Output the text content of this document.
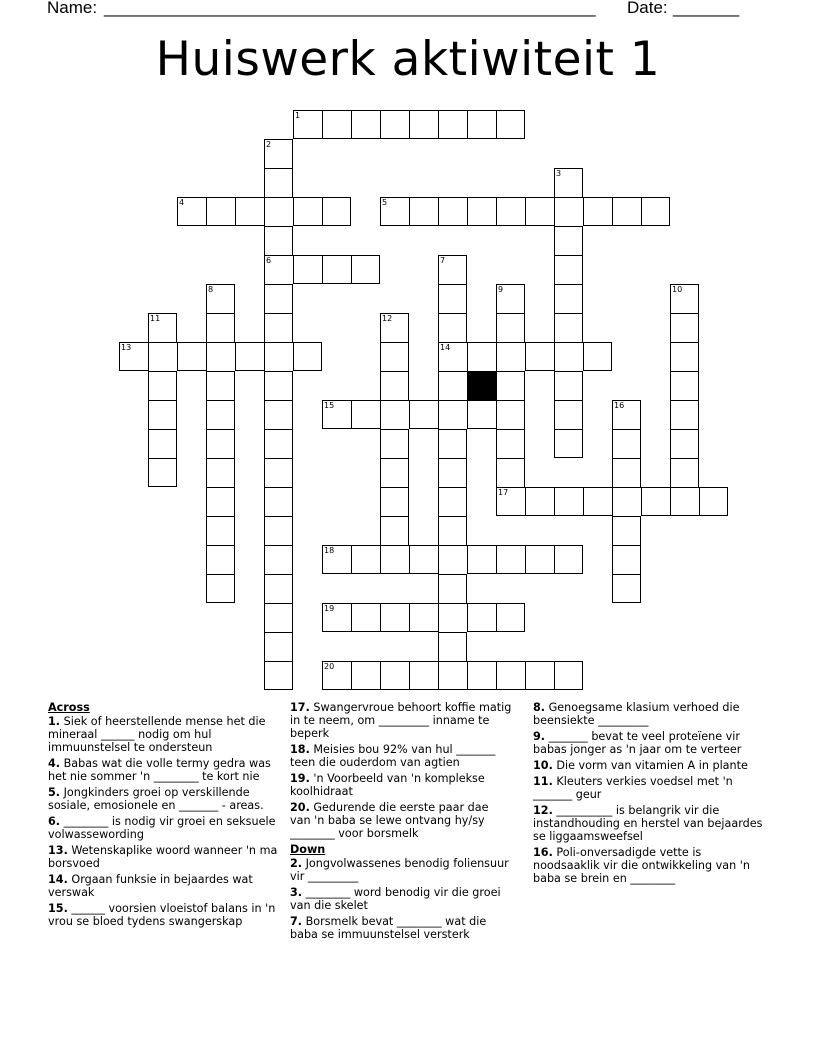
Name: ____________________________________________________ Date: _______
Huiswerk aktiwiteit 1
1
2
3
4	5
6	7
8	9	10
11	12
13	14
15	16
17
18
19
20
Across
1. Siek of heerstellende mense het die mineraal ______ nodig om hul immuunstelsel te ondersteun
4. Babas wat die volle termy gedra was het nie sommer 'n ________ te kort nie
5. Jongkinders groei op verskillende sosiale, emosionele en _______ - areas.
6. ________ is nodig vir groei en seksuele volwassewording
13. Wetenskaplike woord wanneer 'n ma borsvoed
14. Orgaan funksie in bejaardes wat verswak
15. ______ voorsien vloeistof balans in 'n vrou se bloed tydens swangerskap
17. Swangervroue behoort koffie matig in te neem, om _________ inname te beperk
18. Meisies bou 92% van hul _______ teen die ouderdom van agtien
19. 'n Voorbeeld van 'n komplekse koolhidraat
20. Gedurende die eerste paar dae van 'n baba se lewe ontvang hy/sy ________ voor borsmelk
Down
2. Jongvolwassenes benodig foliensuur vir _________
3. ________ word benodig vir die groei van die skelet
7. Borsmelk bevat ________ wat die baba se immuunstelsel versterk
8. Genoegsame klasium verhoed die beensiekte _________
9. _______ bevat te veel proteïene vir babas jonger as 'n jaar om te verteer
10. Die vorm van vitamien A in plante
11. Kleuters verkies voedsel met 'n _______ geur
12. __________ is belangrik vir die instandhouding en herstel van bejaardes se liggaamsweefsel
16. Poli-onversadigde vette is noodsaaklik vir die ontwikkeling van 'n baba se brein en ________
